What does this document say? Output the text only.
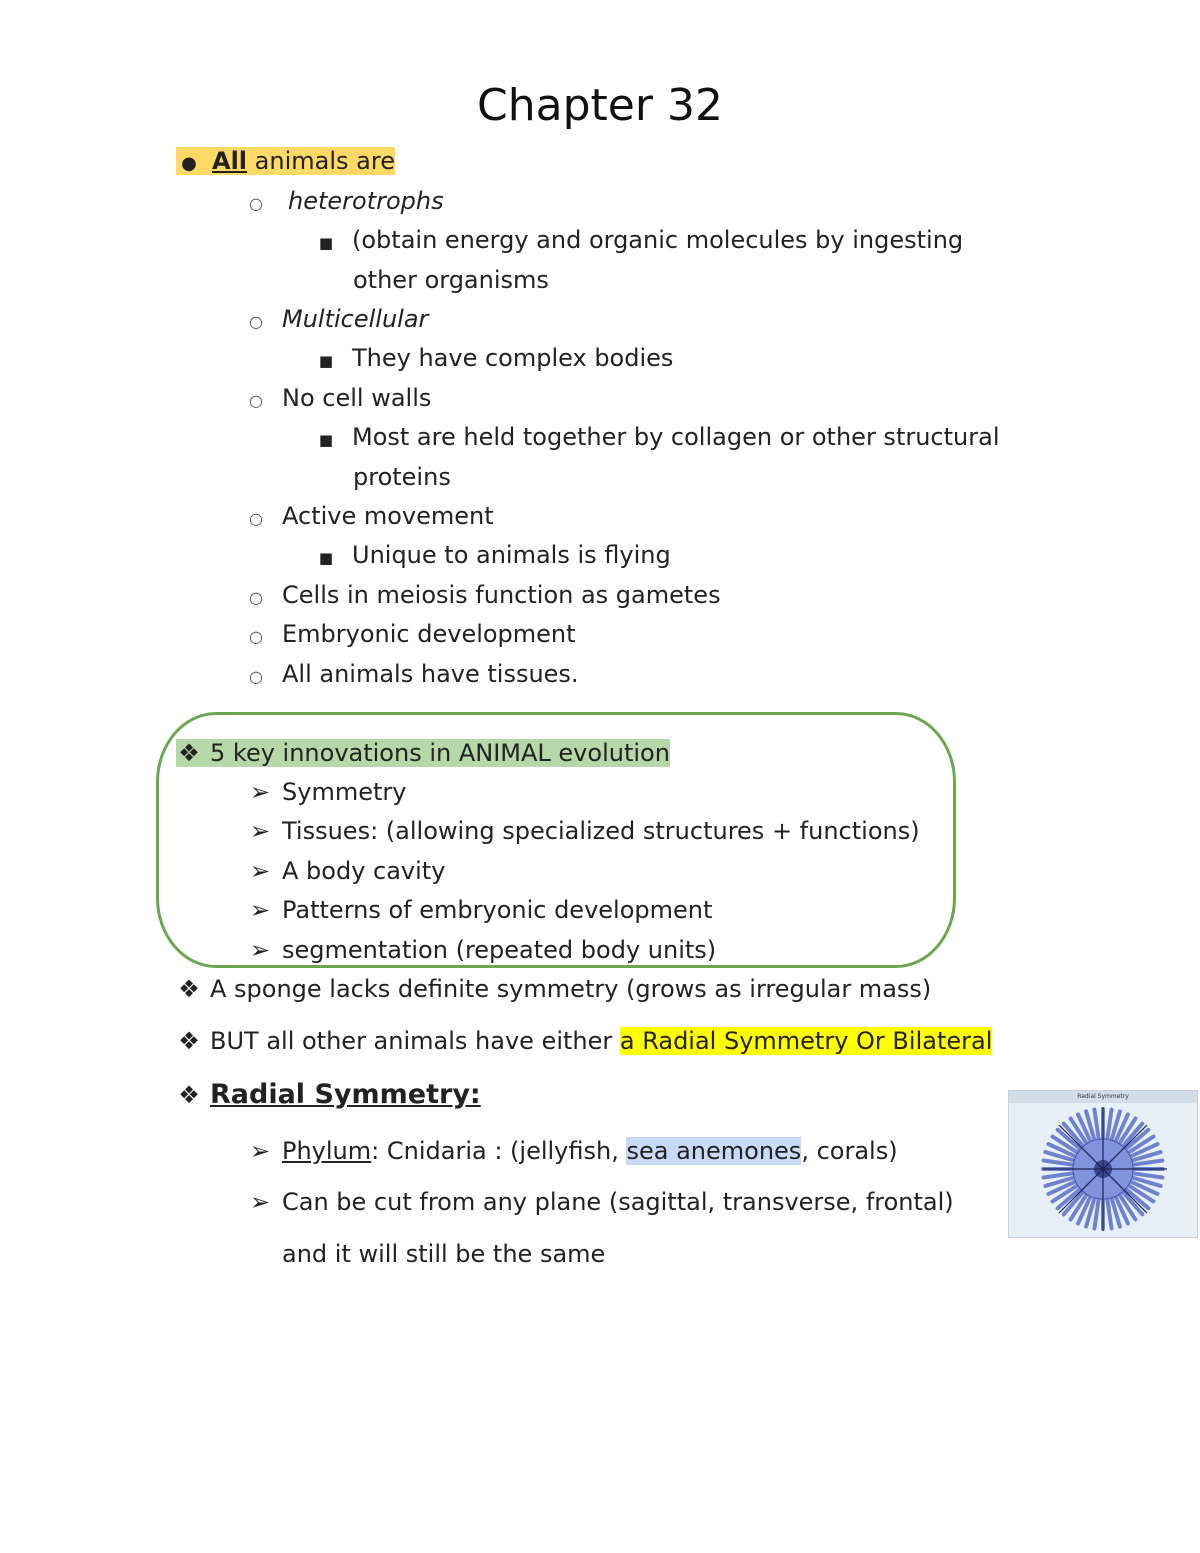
Chapter 32
● All animals are
○ heterotrophs
■ (obtain energy and organic molecules by ingesting
other organisms
○ Multicellular
■ They have complex bodies
○ No cell walls
■ Most are held together by collagen or other structural
proteins
○ Active movement
■ Unique to animals is flying
○ Cells in meiosis function as gametes
○ Embryonic development
○ All animals have tissues.
❖ 5 key innovations in ANIMAL evolution
➢ Symmetry
➢ Tissues: (allowing specialized structures + functions)
➢ A body cavity
➢ Patterns of embryonic development
➢ segmentation (repeated body units)
❖ A sponge lacks definite symmetry (grows as irregular mass)
❖ BUT all other animals have either a Radial Symmetry Or Bilateral
❖ Radial Symmetry:
➢ Phylum: Cnidaria : (jellyfish, sea anemones, corals)
➢ Can be cut from any plane (sagittal, transverse, frontal)
and it will still be the same
Radial Symmetry
